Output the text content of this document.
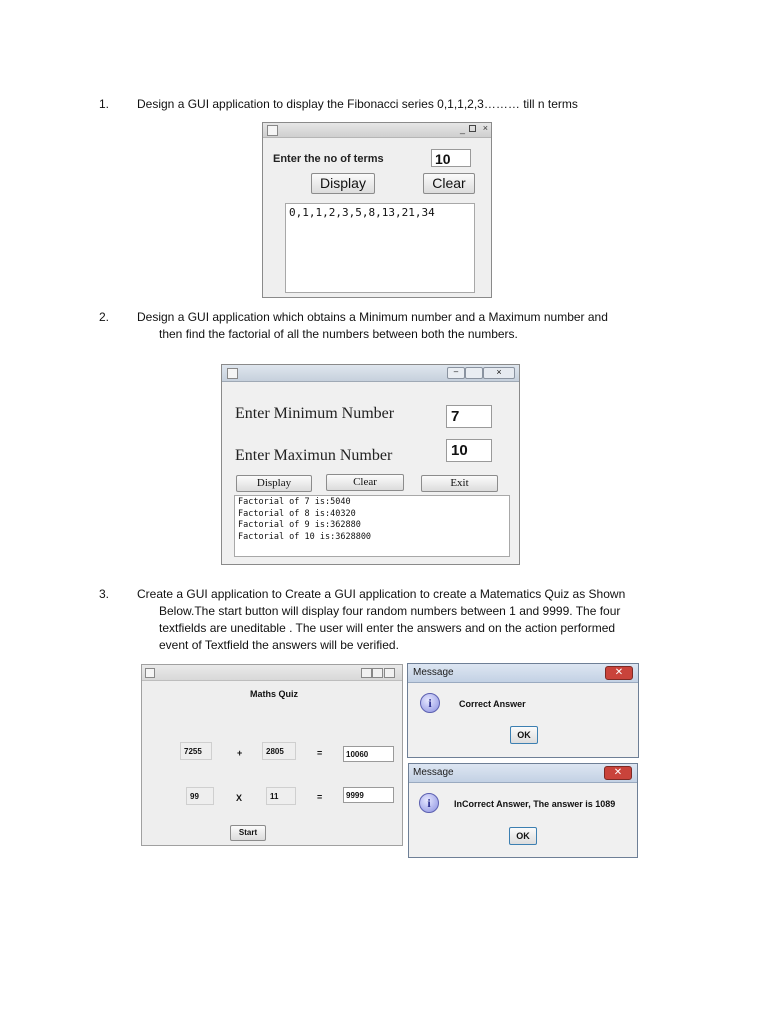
1. Design a GUI application to display the Fibonacci series 0,1,1,2,3……… till n terms
_ ×
Enter the no of terms	10
Display	Clear
0,1,1,2,3,5,8,13,21,34
2. Design a GUI application which obtains a Minimum number and a Maximum number and
then find the factorial of all the numbers between both the numbers.
–	×
Enter Minimum Number	7
Enter Maximun Number	10
Display	Clear	Exit
Factorial of 7 is:5040
Factorial of 8 is:40320
Factorial of 9 is:362880
Factorial of 10 is:3628800
3. Create a GUI application to Create a GUI application to create a Matematics Quiz as Shown
Below.The start button will display four random numbers between 1 and 9999. The four
textfields are uneditable . The user will enter the answers and on the action performed
event of Textfield the answers will be verified.
Maths Quiz
7255	+	2805	=	10060
99	X	11	=	9999
Start
Message	✕
i	Correct Answer
OK
Message	✕
i	InCorrect Answer, The answer is 1089
OK
